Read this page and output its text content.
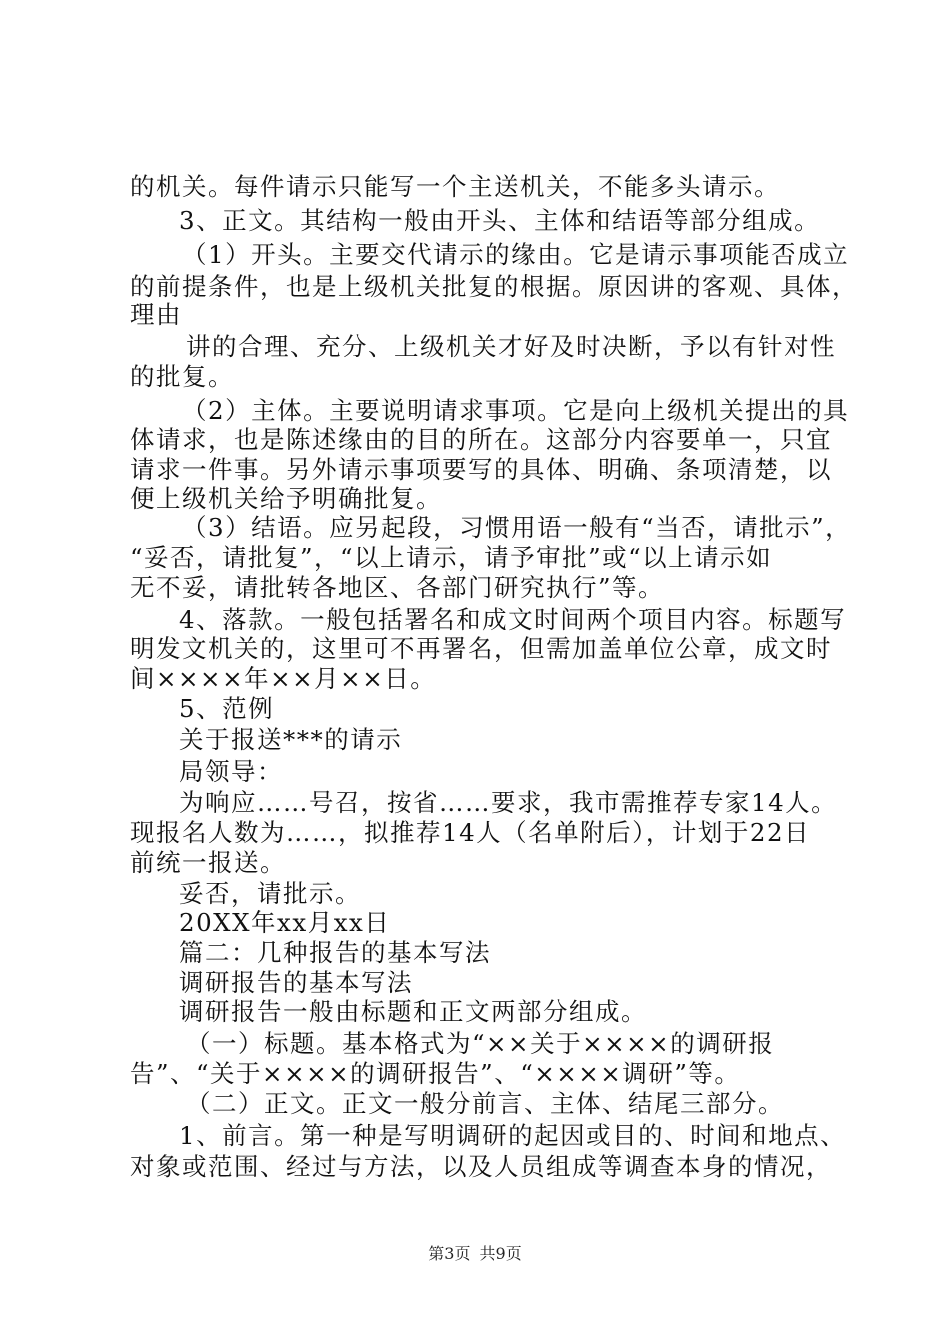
的机关。每件请示只能写一个主送机关，不能多头请示。
3、正文。其结构一般由开头、主体和结语等部分组成。
（1）开头。主要交代请示的缘由。它是请示事项能否成立
的前提条件，也是上级机关批复的根据。原因讲的客观、具体，
理由
讲的合理、充分、上级机关才好及时决断，予以有针对性
的批复。
（2）主体。主要说明请求事项。它是向上级机关提出的具
体请求，也是陈述缘由的目的所在。这部分内容要单一，只宜
请求一件事。另外请示事项要写的具体、明确、条项清楚，以
便上级机关给予明确批复。
（3）结语。应另起段，习惯用语一般有“当否，请批示”，
“妥否，请批复”，“以上请示，请予审批”或“以上请示如
无不妥，请批转各地区、各部门研究执行”等。
4、落款。一般包括署名和成文时间两个项目内容。标题写
明发文机关的，这里可不再署名，但需加盖单位公章，成文时
间××××年××月××日。
5、范例
关于报送***的请示
局领导：
为响应……号召，按省……要求，我市需推荐专家14人。
现报名人数为……，拟推荐14人（名单附后），计划于22日
前统一报送。
妥否，请批示。
20XX年xx月xx日
篇二：几种报告的基本写法
调研报告的基本写法
调研报告一般由标题和正文两部分组成。
（一）标题。基本格式为“××关于××××的调研报
告”、“关于××××的调研报告”、“××××调研”等。
（二）正文。正文一般分前言、主体、结尾三部分。
1、前言。第一种是写明调研的起因或目的、时间和地点、
对象或范围、经过与方法，以及人员组成等调查本身的情况，
第3页 共9页
